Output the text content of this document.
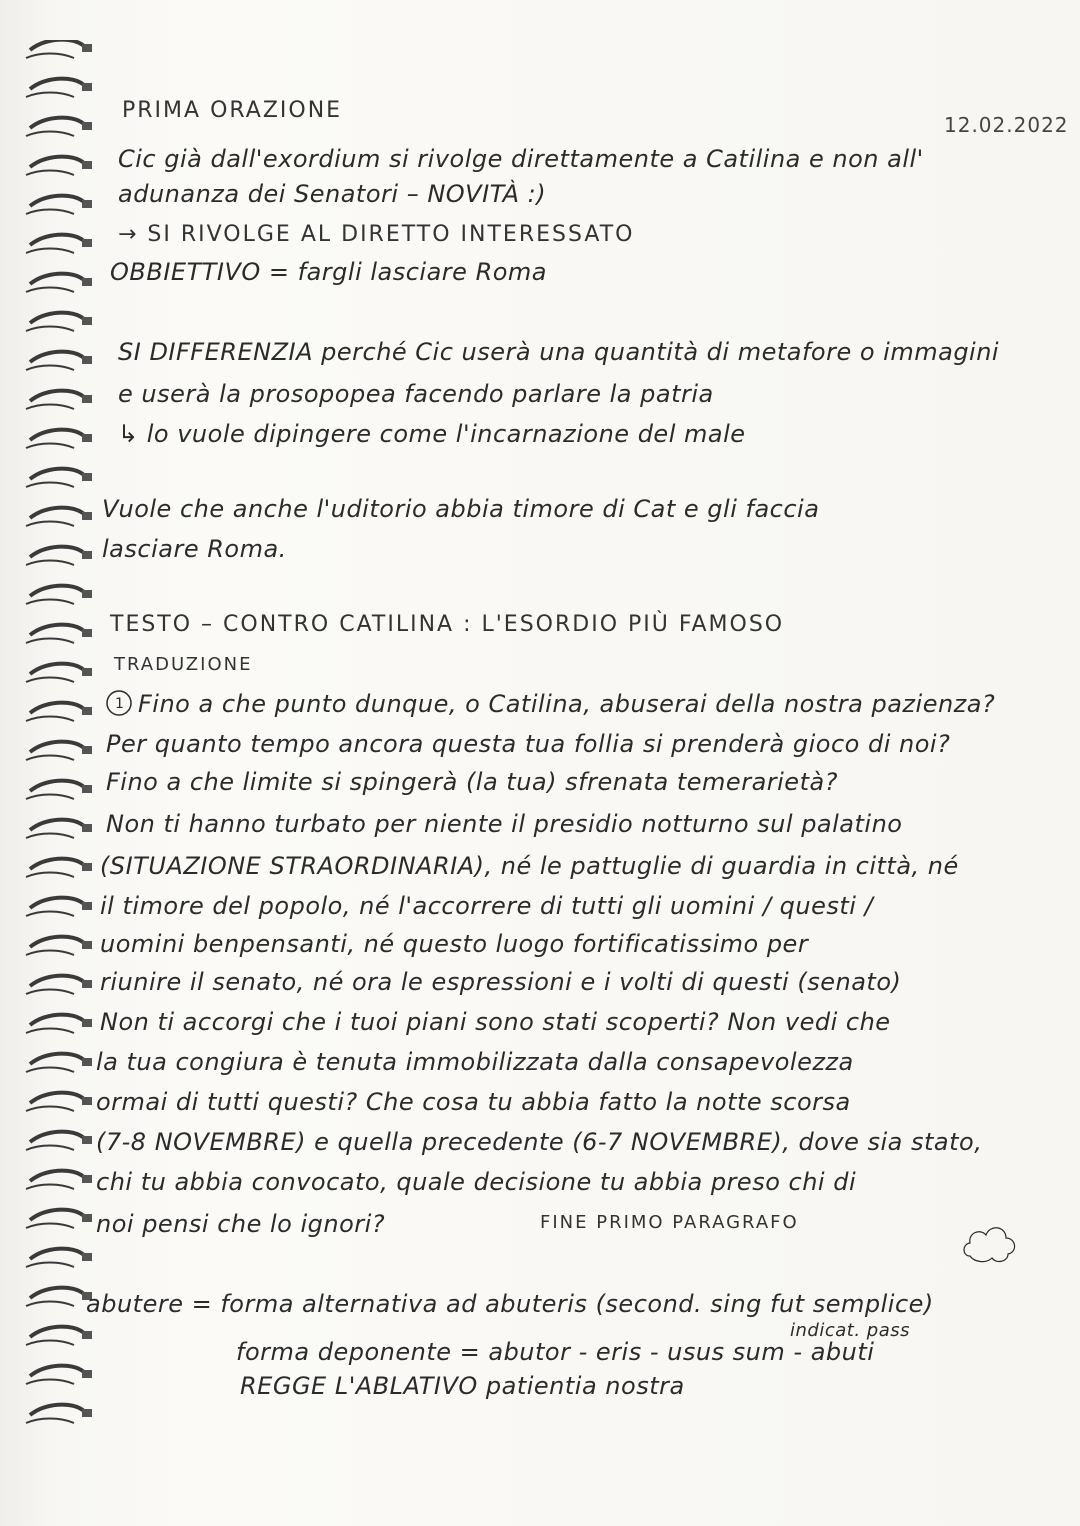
PRIMA ORAZIONE
12.02.2022
Cic già dall'exordium si rivolge direttamente a Catilina e non all'
adunanza dei Senatori – NOVITÀ :)
→ SI RIVOLGE AL DIRETTO INTERESSATO
OBBIETTIVO = fargli lasciare Roma
SI DIFFERENZIA perché Cic userà una quantità di metafore o immagini
e userà la prosopopea facendo parlare la patria
↳ lo vuole dipingere come l'incarnazione del male
Vuole che anche l'uditorio abbia timore di Cat e gli faccia
lasciare Roma.
TESTO – CONTRO CATILINA : L'ESORDIO PIÙ FAMOSO
TRADUZIONE
1 Fino a che punto dunque, o Catilina, abuserai della nostra pazienza?
Per quanto tempo ancora questa tua follia si prenderà gioco di noi?
Fino a che limite si spingerà (la tua) sfrenata temerarietà?
Non ti hanno turbato per niente il presidio notturno sul palatino
(SITUAZIONE STRAORDINARIA), né le pattuglie di guardia in città, né
il timore del popolo, né l'accorrere di tutti gli uomini / questi /
uomini benpensanti, né questo luogo fortificatissimo per
riunire il senato, né ora le espressioni e i volti di questi (senato)
Non ti accorgi che i tuoi piani sono stati scoperti? Non vedi che
la tua congiura è tenuta immobilizzata dalla consapevolezza
ormai di tutti questi? Che cosa tu abbia fatto la notte scorsa
(7-8 NOVEMBRE) e quella precedente (6-7 NOVEMBRE), dove sia stato,
chi tu abbia convocato, quale decisione tu abbia preso chi di
noi pensi che lo ignori?	FINE PRIMO PARAGRAFO
abutere = forma alternativa ad abuteris (second. sing fut semplice)
indicat. pass
forma deponente = abutor - eris - usus sum - abuti
REGGE L'ABLATIVO patientia nostra
